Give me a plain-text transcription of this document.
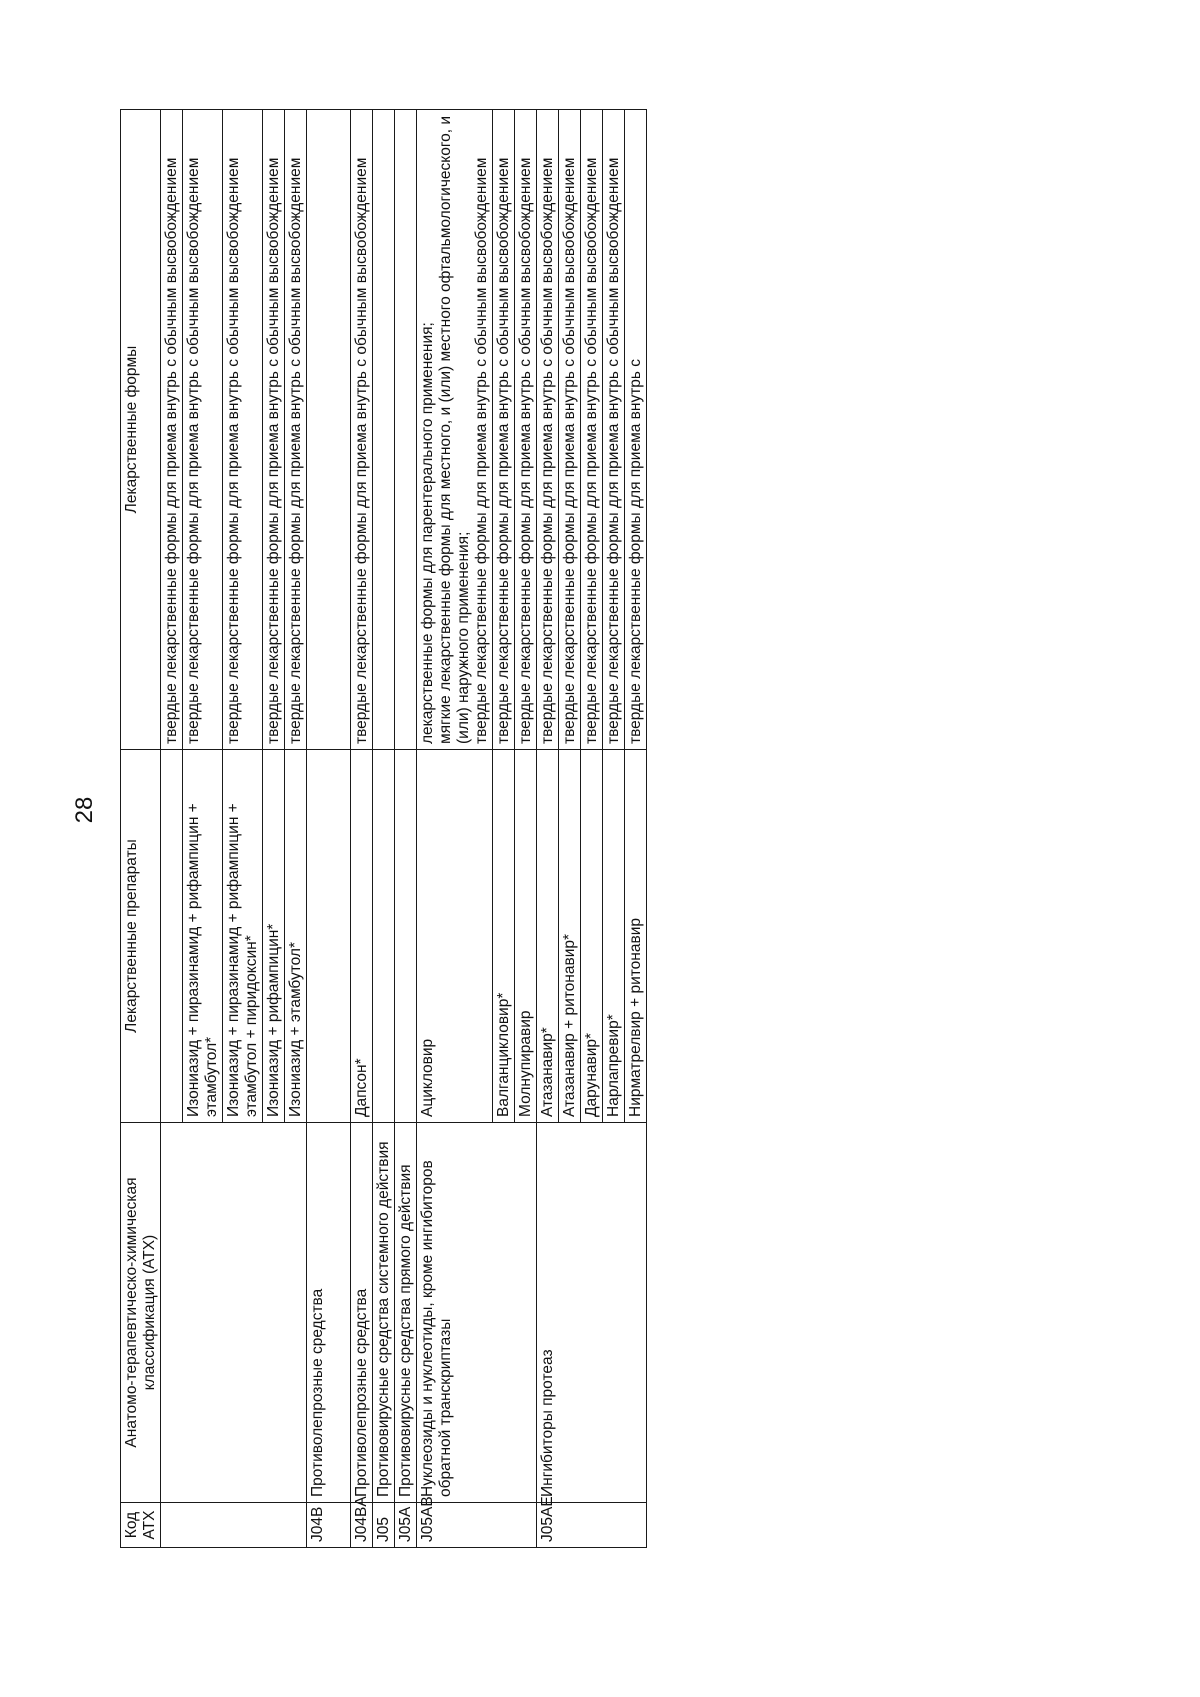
28
Код АТХ	Анатомо-терапевтическо-химическая классификация (АТХ)	Лекарственные препараты	Лекарственные формы

			твердые лекарственные формы для приема внутрь с обычным высвобождением

		Изониазид + пиразинамид + рифампицин + этамбутол*	твердые лекарственные формы для приема внутрь с обычным высвобождением

		Изониазид + пиразинамид + рифампицин + этамбутол + пиридоксин*	твердые лекарственные формы для приема внутрь с обычным высвобождением

		Изониазид + рифампицин*	твердые лекарственные формы для приема внутрь с обычным высвобождением

		Изониазид + этамбутол*	твердые лекарственные формы для приема внутрь с обычным высвобождением

J04B	Противолепрозные средства		

J04BA	Противолепрозные средства	Дапсон*	твердые лекарственные формы для приема внутрь с обычным высвобождением

J05	Противовирусные средства системного действия		

J05A	Противовирусные средства прямого действия		

J05AB	Нуклеозиды и нуклеотиды, кроме ингибиторов обратной транскриптазы	Ацикловир	лекарственные формы для парентерального применения; мягкие лекарственные формы для местного, и (или) местного офтальмологического, и (или) наружного применения; твердые лекарственные формы для приема внутрь с обычным высвобождением

		Валганцикловир*	твердые лекарственные формы для приема внутрь с обычным высвобождением

		Молнупиравир	твердые лекарственные формы для приема внутрь с обычным высвобождением

J05AE	Ингибиторы протеаз	Атазанавир*	твердые лекарственные формы для приема внутрь с обычным высвобождением

		Атазанавир + ритонавир*	твердые лекарственные формы для приема внутрь с обычным высвобождением

		Дарунавир*	твердые лекарственные формы для приема внутрь с обычным высвобождением

		Нарлапревир*	твердые лекарственные формы для приема внутрь с обычным высвобождением

		Нирматрелвир + ритонавир	твердые лекарственные формы для приема внутрь с
